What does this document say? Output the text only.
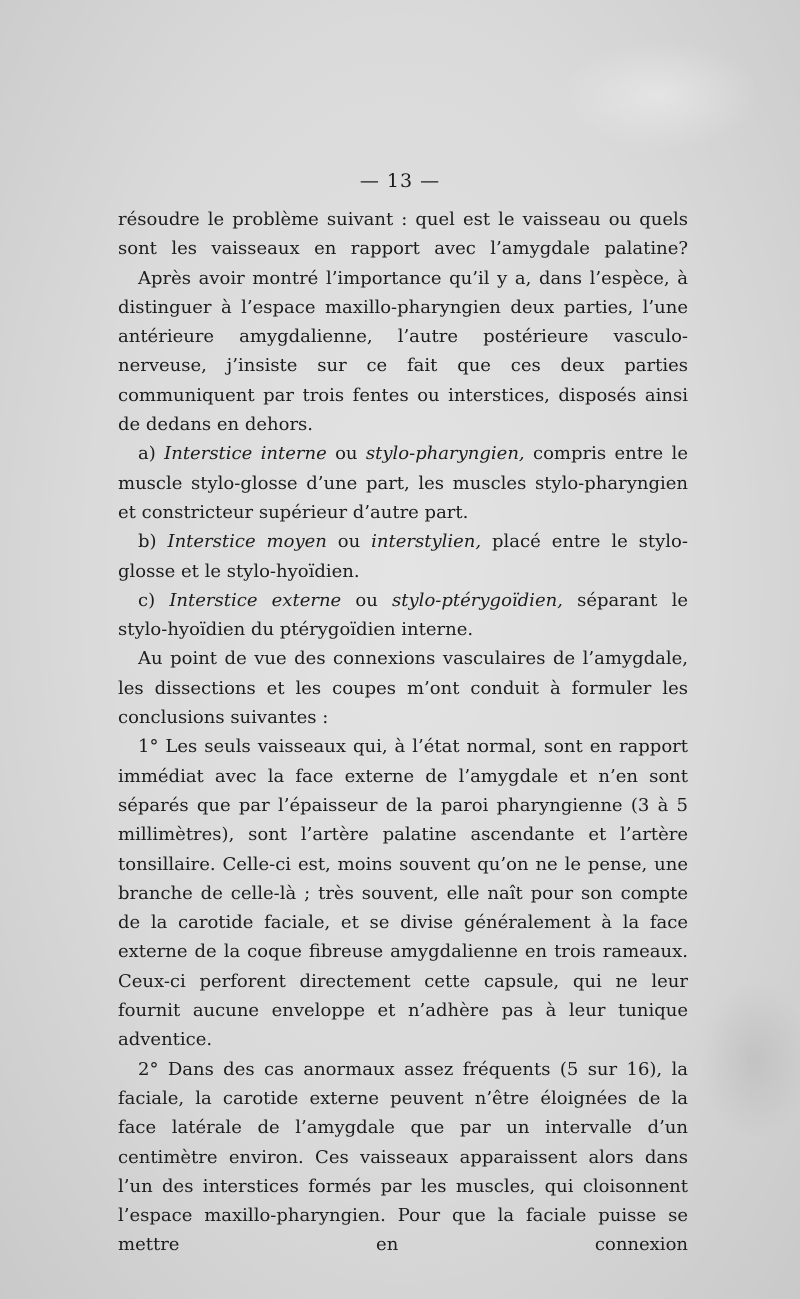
— 13 —

résoudre le problème suivant : quel est le vaisseau ou quels sont les vaisseaux en rapport avec l’amygdale palatine?

Après avoir montré l’importance qu’il y a, dans l’espèce, à distinguer à l’espace maxillo-pharyngien deux parties, l’une antérieure amygdalienne, l’autre postérieure vasculo-nerveuse, j’insiste sur ce fait que ces deux parties communiquent par trois fentes ou interstices, disposés ainsi de dedans en dehors.

a) Interstice interne ou stylo-pharyngien, compris entre le muscle stylo-glosse d’une part, les muscles stylo-pharyngien et constricteur supérieur d’autre part.

b) Interstice moyen ou interstylien, placé entre le stylo-glosse et le stylo-hyoïdien.

c) Interstice externe ou stylo-ptérygoïdien, séparant le stylo-hyoïdien du ptérygoïdien interne.

Au point de vue des connexions vasculaires de l’amygdale, les dissections et les coupes m’ont conduit à formuler les conclusions suivantes :

1° Les seuls vaisseaux qui, à l’état normal, sont en rapport immédiat avec la face externe de l’amygdale et n’en sont séparés que par l’épaisseur de la paroi pharyngienne (3 à 5 millimètres), sont l’artère palatine ascendante et l’artère tonsillaire. Celle-ci est, moins souvent qu’on ne le pense, une branche de celle-là ; très souvent, elle naît pour son compte de la carotide faciale, et se divise généralement à la face externe de la coque fibreuse amygdalienne en trois rameaux. Ceux-ci perforent directement cette capsule, qui ne leur fournit aucune enveloppe et n’adhère pas à leur tunique adventice.

2° Dans des cas anormaux assez fréquents (5 sur 16), la faciale, la carotide externe peuvent n’être éloignées de la face latérale de l’amygdale que par un intervalle d’un centimètre environ. Ces vaisseaux apparaissent alors dans l’un des interstices formés par les muscles, qui cloisonnent l’espace maxillo-pharyngien. Pour que la faciale puisse se mettre en connexion
